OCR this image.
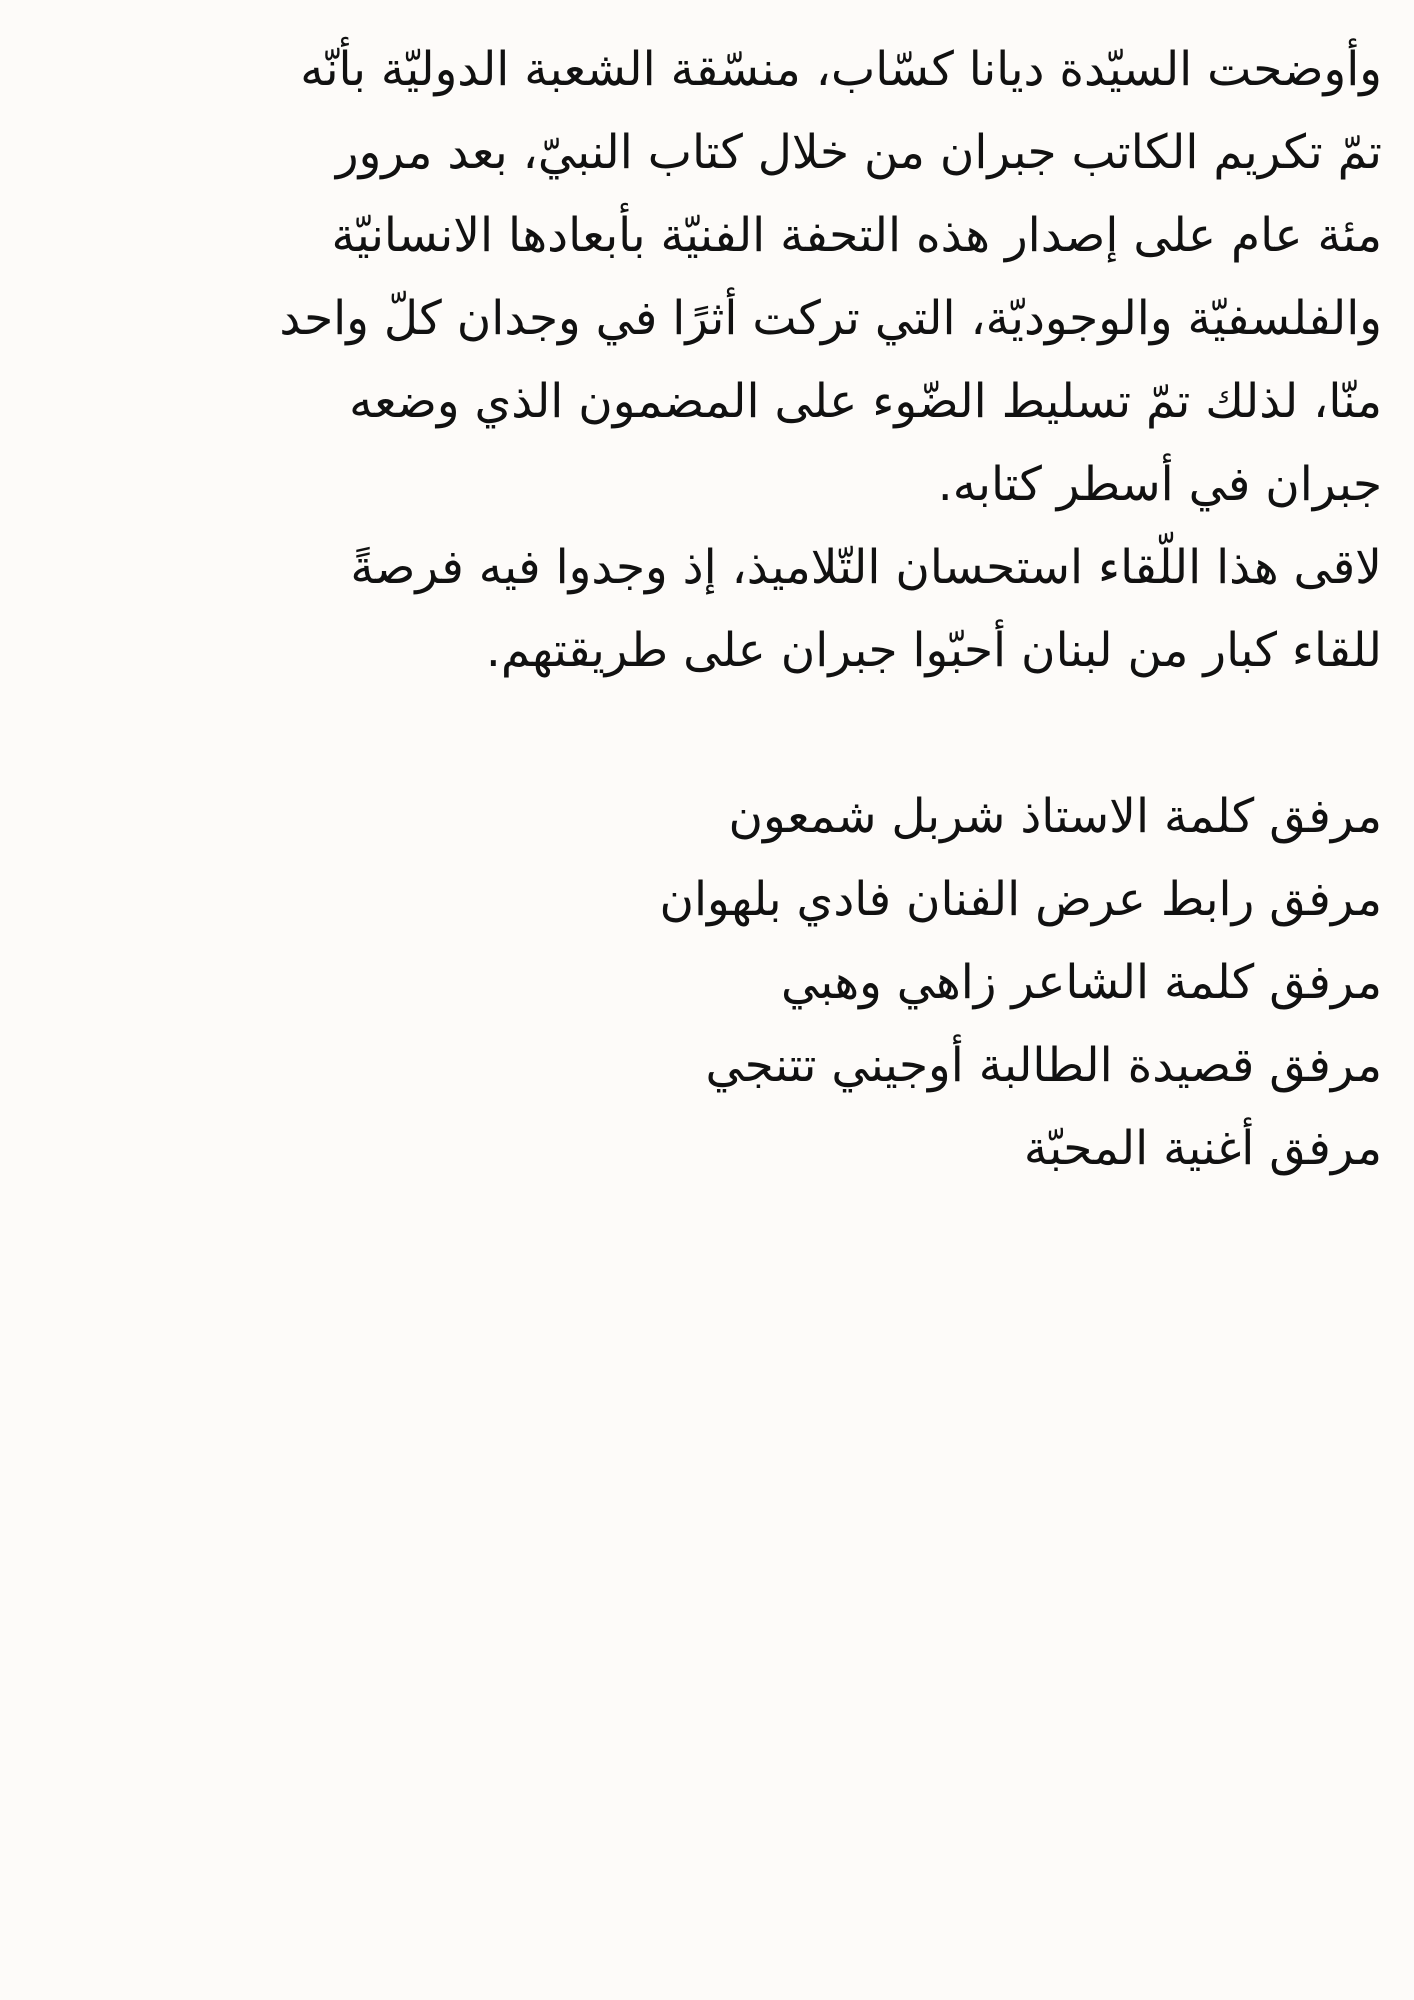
وأوضحت السيّدة ديانا كسّاب، منسّقة الشعبة الدوليّة بأنّه

تمّ تكريم الكاتب جبران من خلال كتاب النبيّ، بعد مرور

مئة عام على إصدار هذه التحفة الفنيّة بأبعادها الانسانيّة

والفلسفيّة والوجوديّة، التي تركت أثرًا في وجدان كلّ واحد

منّا، لذلك تمّ تسليط الضّوء على المضمون الذي وضعه

جبران في أسطر كتابه.

لاقى هذا اللّقاء استحسان التّلاميذ، إذ وجدوا فيه فرصةً

للقاء كبار من لبنان أحبّوا جبران على طريقتهم.

مرفق كلمة الاستاذ شربل شمعون
مرفق رابط عرض الفنان فادي بلهوان
مرفق كلمة الشاعر زاهي وهبي
مرفق قصيدة الطالبة أوجيني تتنجي
مرفق أغنية المحبّة
